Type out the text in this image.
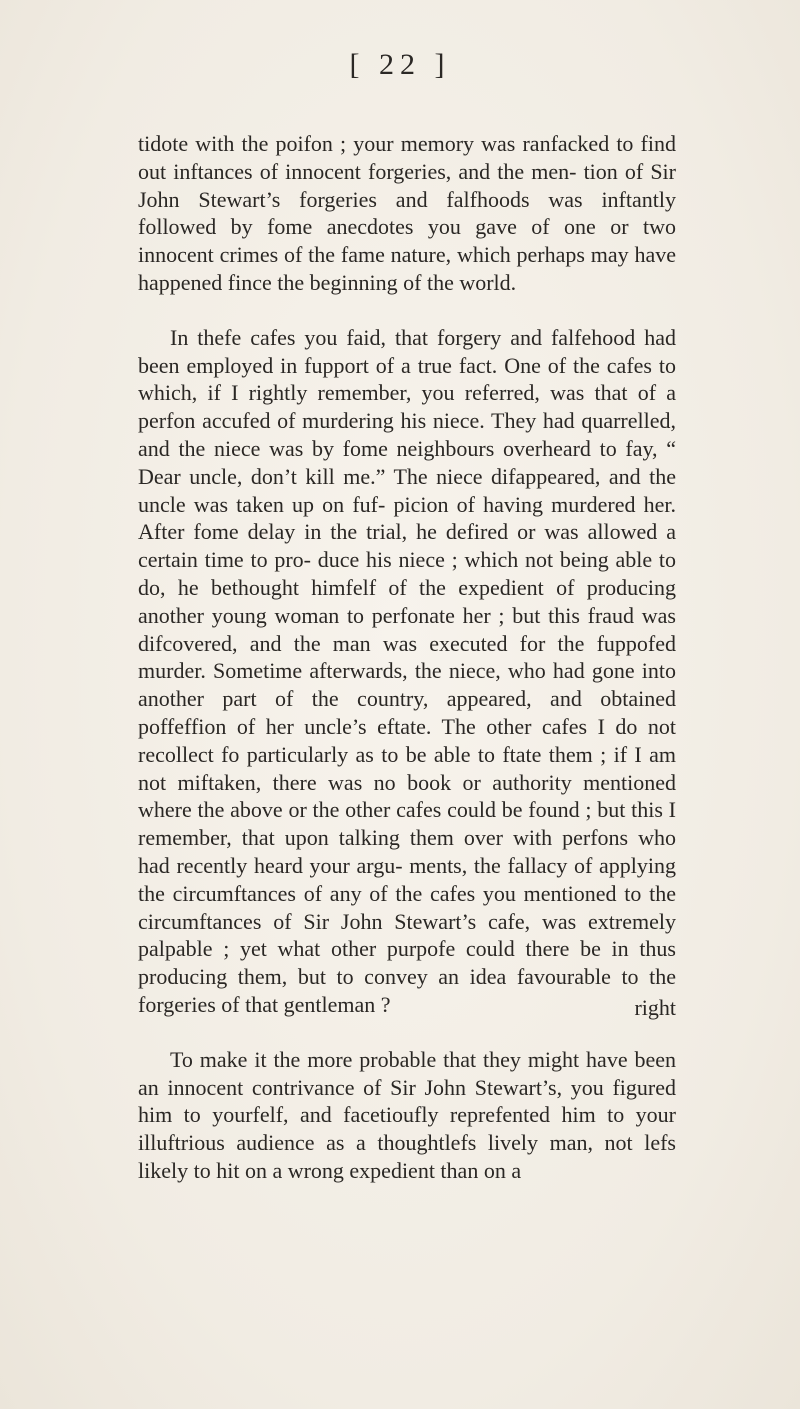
[ 22 ]

tidote with the poifon ; your memory was ranfacked to find out inftances of innocent forgeries, and the men- tion of Sir John Stewart’s forgeries and falfhoods was inftantly followed by fome anecdotes you gave of one or two innocent crimes of the fame nature, which perhaps may have happened fince the beginning of the world.

In thefe cafes you faid, that forgery and falfehood had been employed in fupport of a true fact. One of the cafes to which, if I rightly remember, you referred, was that of a perfon accufed of murdering his niece. They had quarrelled, and the niece was by fome neighbours overheard to fay, “ Dear uncle, don’t kill me.” The niece difappeared, and the uncle was taken up on fuf- picion of having murdered her. After fome delay in the trial, he defired or was allowed a certain time to pro- duce his niece ; which not being able to do, he bethought himfelf of the expedient of producing another young woman to perfonate her ; but this fraud was difcovered, and the man was executed for the fuppofed murder. Sometime afterwards, the niece, who had gone into another part of the country, appeared, and obtained poffeffion of her uncle’s eftate. The other cafes I do not recollect fo particularly as to be able to ftate them ; if I am not miftaken, there was no book or authority mentioned where the above or the other cafes could be found ; but this I remember, that upon talking them over with perfons who had recently heard your argu- ments, the fallacy of applying the circumftances of any of the cafes you mentioned to the circumftances of Sir John Stewart’s cafe, was extremely palpable ; yet what other purpofe could there be in thus producing them, but to convey an idea favourable to the forgeries of that gentleman ?

To make it the more probable that they might have been an innocent contrivance of Sir John Stewart’s, you figured him to yourfelf, and facetioufly reprefented him to your illuftrious audience as a thoughtlefs lively man, not lefs likely to hit on a wrong expedient than on a

right
